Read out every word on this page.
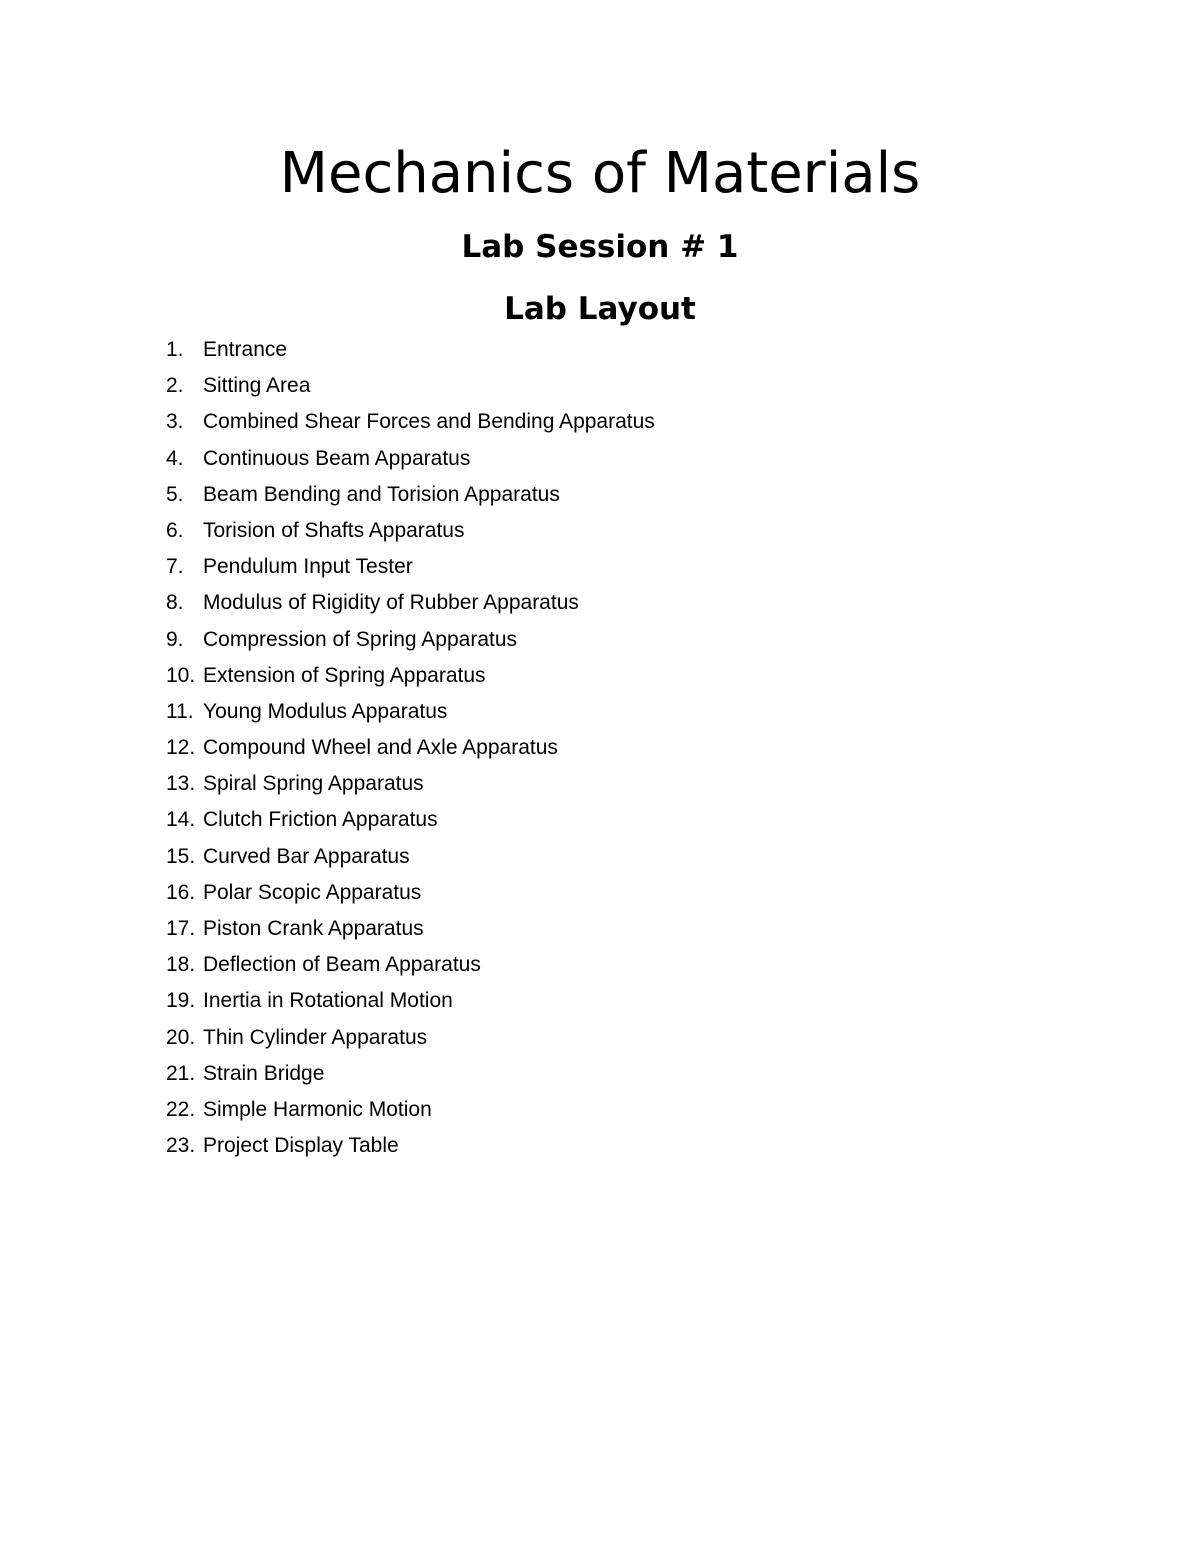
Mechanics of Materials
Lab Session # 1
Lab Layout
1. Entrance
2. Sitting Area
3. Combined Shear Forces and Bending Apparatus
4. Continuous Beam Apparatus
5. Beam Bending and Torision Apparatus
6. Torision of Shafts Apparatus
7. Pendulum Input Tester
8. Modulus of Rigidity of Rubber Apparatus
9. Compression of Spring Apparatus
10. Extension of Spring Apparatus
11. Young Modulus Apparatus
12. Compound Wheel and Axle Apparatus
13. Spiral Spring Apparatus
14. Clutch Friction Apparatus
15. Curved Bar Apparatus
16. Polar Scopic Apparatus
17. Piston Crank Apparatus
18. Deflection of Beam Apparatus
19. Inertia in Rotational Motion
20. Thin Cylinder Apparatus
21. Strain Bridge
22. Simple Harmonic Motion
23. Project Display Table
